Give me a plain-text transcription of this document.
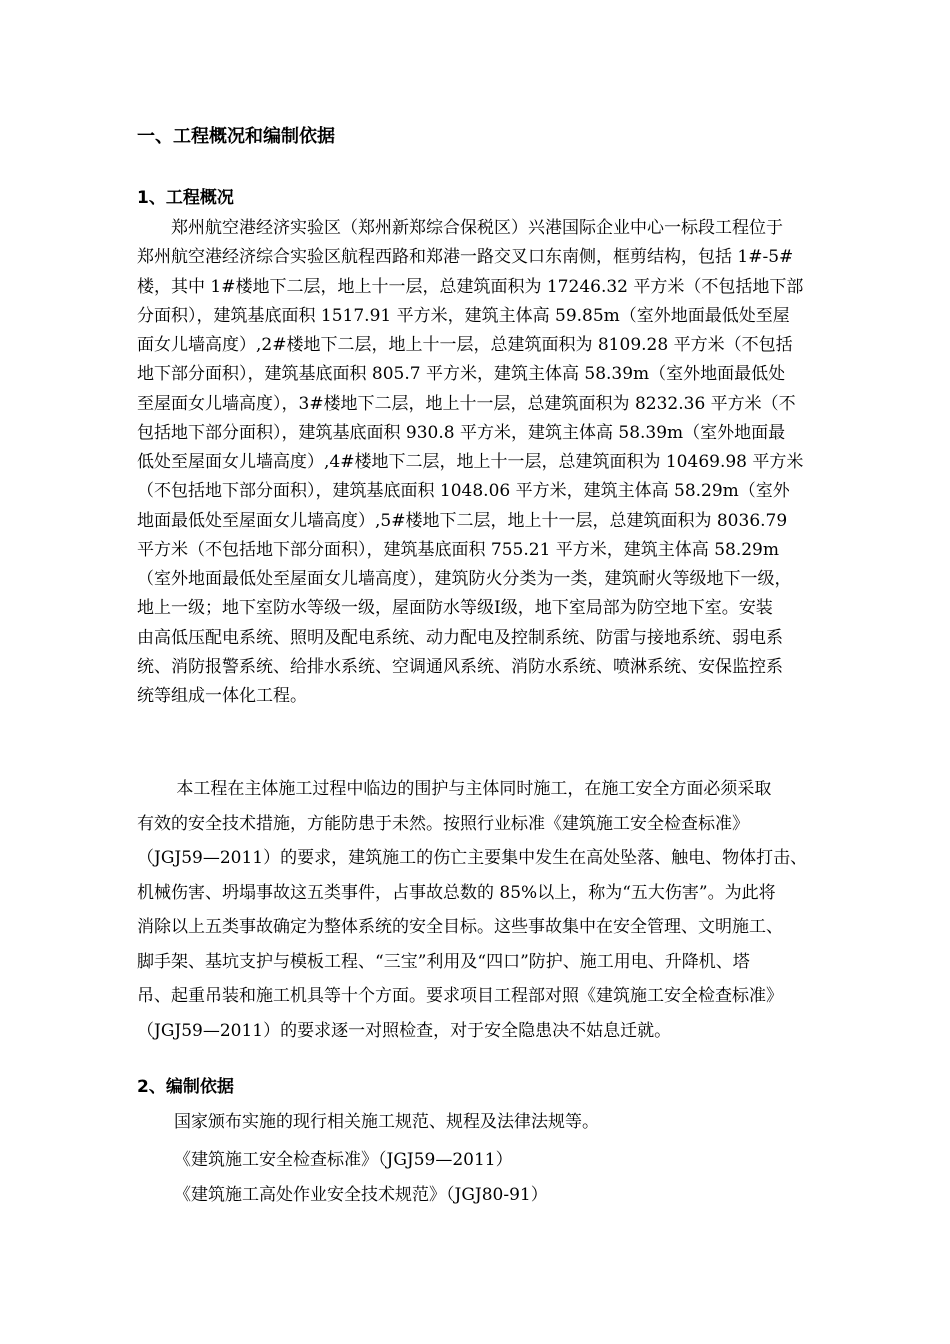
一、工程概况和编制依据
1、工程概况
　　郑州航空港经济实验区（郑州新郑综合保税区）兴港国际企业中心一标段工程位于
郑州航空港经济综合实验区航程西路和郑港一路交叉口东南侧，框剪结构，包括 1#-5#
楼，其中 1#楼地下二层，地上十一层，总建筑面积为 17246.32 平方米（不包括地下部
分面积），建筑基底面积 1517.91 平方米，建筑主体高 59.85m（室外地面最低处至屋
面女儿墙高度）,2#楼地下二层，地上十一层，总建筑面积为 8109.28 平方米（不包括
地下部分面积），建筑基底面积 805.7 平方米，建筑主体高 58.39m（室外地面最低处
至屋面女儿墙高度），3#楼地下二层，地上十一层，总建筑面积为 8232.36 平方米（不
包括地下部分面积），建筑基底面积 930.8 平方米，建筑主体高 58.39m（室外地面最
低处至屋面女儿墙高度）,4#楼地下二层，地上十一层，总建筑面积为 10469.98 平方米
（不包括地下部分面积），建筑基底面积 1048.06 平方米，建筑主体高 58.29m（室外
地面最低处至屋面女儿墙高度）,5#楼地下二层，地上十一层，总建筑面积为 8036.79
平方米（不包括地下部分面积），建筑基底面积 755.21 平方米，建筑主体高 58.29m
（室外地面最低处至屋面女儿墙高度），建筑防火分类为一类，建筑耐火等级地下一级，
地上一级；地下室防水等级一级，屋面防水等级Ⅰ级，地下室局部为防空地下室。安装
由高低压配电系统、照明及配电系统、动力配电及控制系统、防雷与接地系统、弱电系
统、消防报警系统、给排水系统、空调通风系统、消防水系统、喷淋系统、安保监控系
统等组成一体化工程。
　　 本工程在主体施工过程中临边的围护与主体同时施工，在施工安全方面必须采取
有效的安全技术措施，方能防患于未然。按照行业标准《建筑施工安全检查标准》
（JGJ59—2011）的要求，建筑施工的伤亡主要集中发生在高处坠落、触电、物体打击、
机械伤害、坍塌事故这五类事件，占事故总数的 85%以上，称为“五大伤害”。为此将
消除以上五类事故确定为整体系统的安全目标。这些事故集中在安全管理、文明施工、
脚手架、基坑支护与模板工程、“三宝”利用及“四口”防护、施工用电、升降机、塔
吊、起重吊装和施工机具等十个方面。要求项目工程部对照《建筑施工安全检查标准》
（JGJ59—2011）的要求逐一对照检查，对于安全隐患决不姑息迁就。
2、编制依据
国家颁布实施的现行相关施工规范、规程及法律法规等。
《建筑施工安全检查标准》（JGJ59—2011）
《建筑施工高处作业安全技术规范》（JGJ80-91）
